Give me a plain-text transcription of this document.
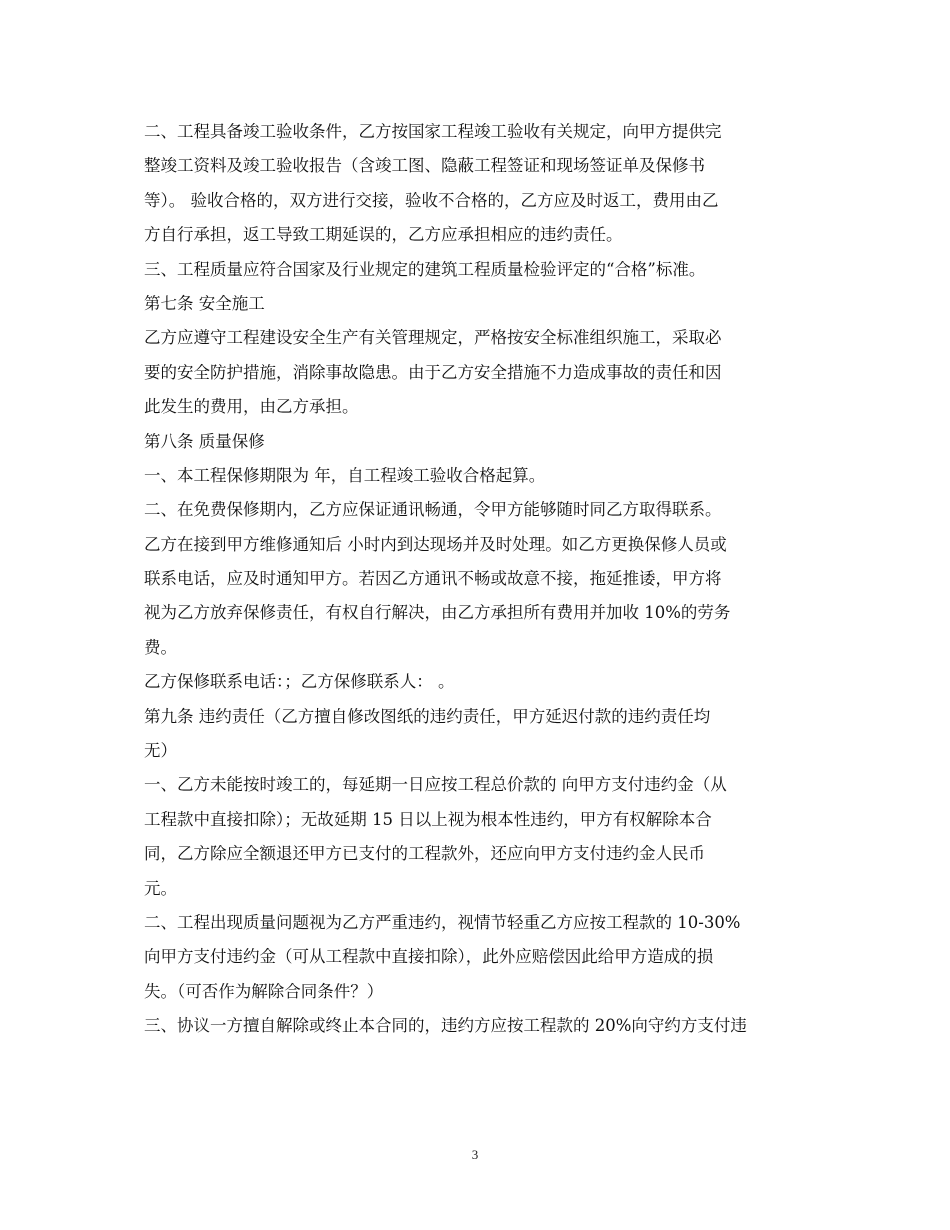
二、工程具备竣工验收条件，乙方按国家工程竣工验收有关规定，向甲方提供完
整竣工资料及竣工验收报告（含竣工图、隐蔽工程签证和现场签证单及保修书
等）。 验收合格的，双方进行交接，验收不合格的，乙方应及时返工，费用由乙
方自行承担，返工导致工期延误的，乙方应承担相应的违约责任。
三、工程质量应符合国家及行业规定的建筑工程质量检验评定的“合格”标准。
第七条 安全施工
乙方应遵守工程建设安全生产有关管理规定，严格按安全标准组织施工，采取必
要的安全防护措施，消除事故隐患。由于乙方安全措施不力造成事故的责任和因
此发生的费用，由乙方承担。
第八条 质量保修
一、本工程保修期限为 年，自工程竣工验收合格起算。
二、在免费保修期内，乙方应保证通讯畅通，令甲方能够随时同乙方取得联系。
乙方在接到甲方维修通知后 小时内到达现场并及时处理。如乙方更换保修人员或
联系电话，应及时通知甲方。若因乙方通讯不畅或故意不接，拖延推诿，甲方将
视为乙方放弃保修责任，有权自行解决，由乙方承担所有费用并加收 10%的劳务
费。
乙方保修联系电话：；乙方保修联系人： 。
第九条 违约责任（乙方擅自修改图纸的违约责任，甲方延迟付款的违约责任均
无）
一、乙方未能按时竣工的，每延期一日应按工程总价款的 向甲方支付违约金（从
工程款中直接扣除）；无故延期 15 日以上视为根本性违约，甲方有权解除本合
同，乙方除应全额退还甲方已支付的工程款外，还应向甲方支付违约金人民币
元。
二、工程出现质量问题视为乙方严重违约，视情节轻重乙方应按工程款的 10-30%
向甲方支付违约金（可从工程款中直接扣除），此外应赔偿因此给甲方造成的损
失。（可否作为解除合同条件？）
三、协议一方擅自解除或终止本合同的，违约方应按工程款的 20%向守约方支付违
3
